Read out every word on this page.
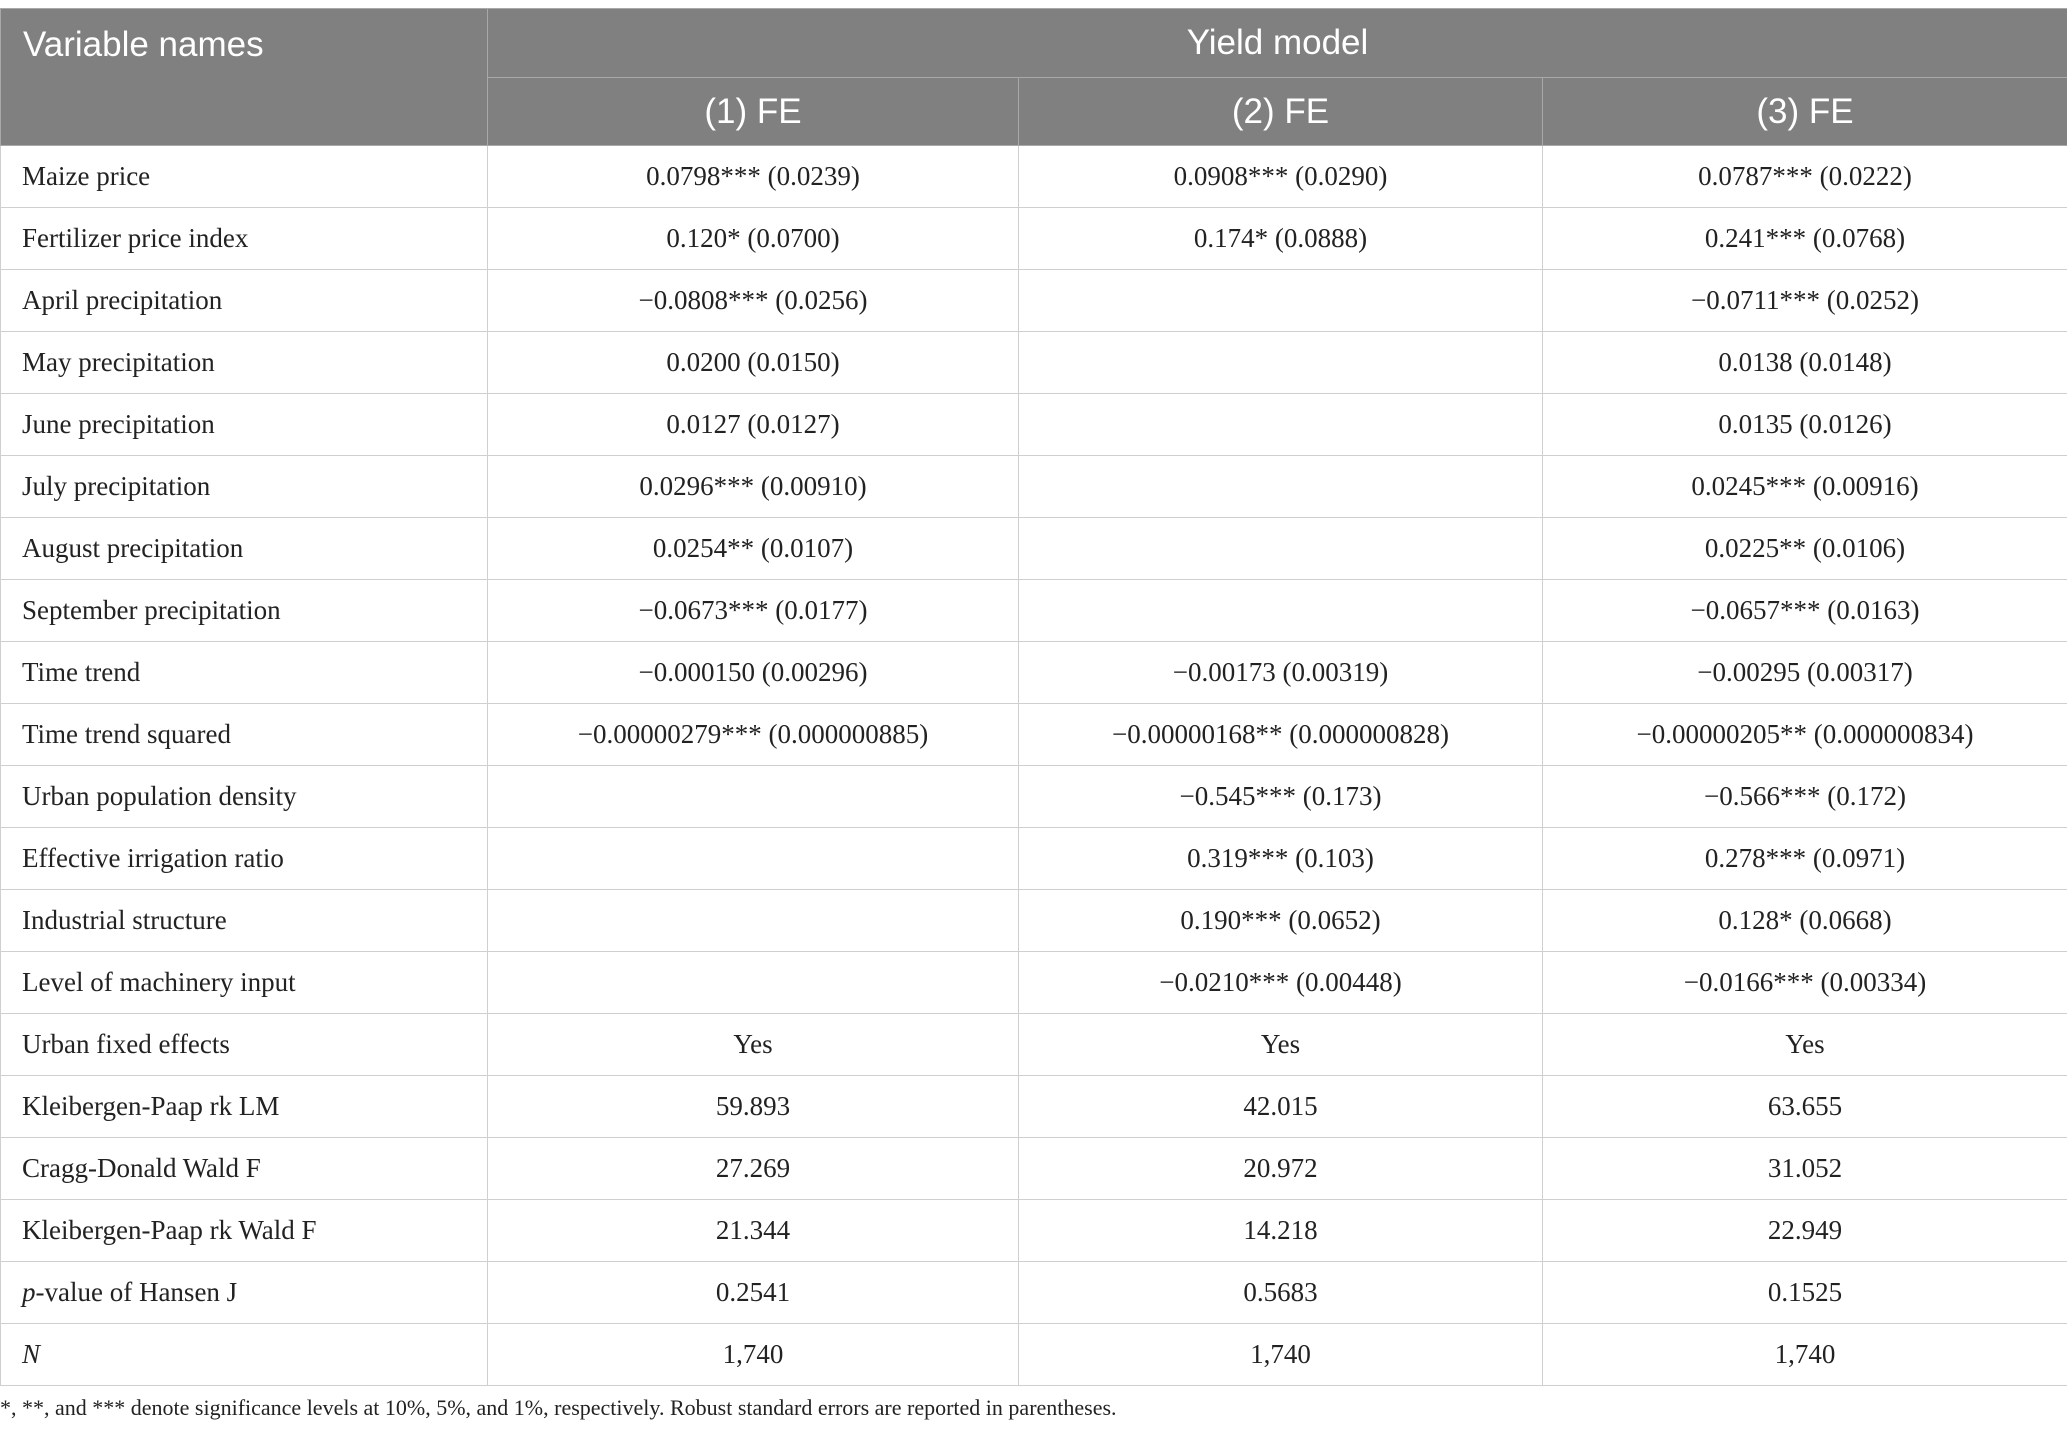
Variable names	Yield model		
	(1) FE	(2) FE	(3) FE
Maize price	0.0798*** (0.0239)	0.0908*** (0.0290)	0.0787*** (0.0222)
Fertilizer price index	0.120* (0.0700)	0.174* (0.0888)	0.241*** (0.0768)
April precipitation	−0.0808*** (0.0256)		−0.0711*** (0.0252)
May precipitation	0.0200 (0.0150)		0.0138 (0.0148)
June precipitation	0.0127 (0.0127)		0.0135 (0.0126)
July precipitation	0.0296*** (0.00910)		0.0245*** (0.00916)
August precipitation	0.0254** (0.0107)		0.0225** (0.0106)
September precipitation	−0.0673*** (0.0177)		−0.0657*** (0.0163)
Time trend	−0.000150 (0.00296)	−0.00173 (0.00319)	−0.00295 (0.00317)
Time trend squared	−0.00000279*** (0.000000885)	−0.00000168** (0.000000828)	−0.00000205** (0.000000834)
Urban population density		−0.545*** (0.173)	−0.566*** (0.172)
Effective irrigation ratio		0.319*** (0.103)	0.278*** (0.0971)
Industrial structure		0.190*** (0.0652)	0.128* (0.0668)
Level of machinery input		−0.0210*** (0.00448)	−0.0166*** (0.00334)
Urban fixed effects	Yes	Yes	Yes
Kleibergen-Paap rk LM	59.893	42.015	63.655
Cragg-Donald Wald F	27.269	20.972	31.052
Kleibergen-Paap rk Wald F	21.344	14.218	22.949
p-value of Hansen J	0.2541	0.5683	0.1525
N	1,740	1,740	1,740
*, **, and *** denote significance levels at 10%, 5%, and 1%, respectively. Robust standard errors are reported in parentheses.
